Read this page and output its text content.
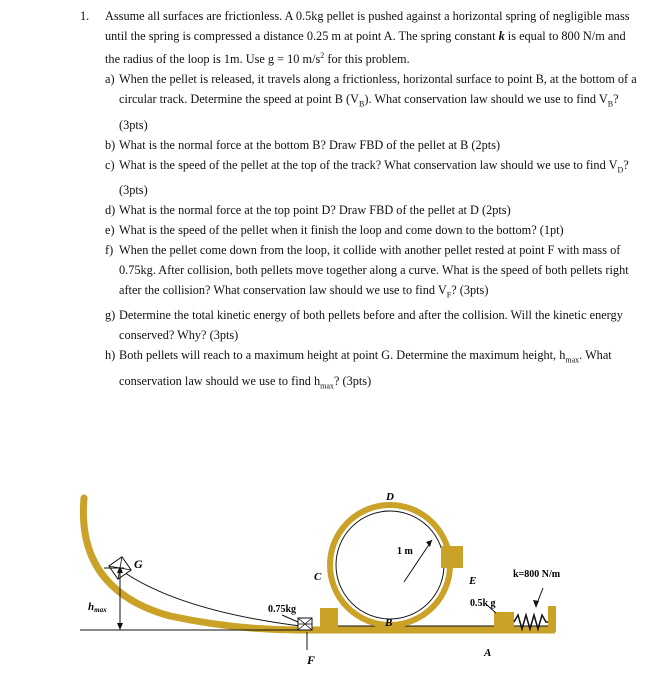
1. Assume all surfaces are frictionless. A 0.5kg pellet is pushed against a horizontal spring of negligible mass until the spring is compressed a distance 0.25 m at point A. The spring constant k is equal to 800 N/m and the radius of the loop is 1m. Use g = 10 $m/s^2$ for this problem.
a) When the pellet is released, it travels along a frictionless, horizontal surface to point B, at the bottom of a circular track. Determine the speed at point B $(V_B)$. What conservation law should we use to find $V_B$? (3pts)
b) What is the normal force at the bottom B? Draw FBD of the pellet at B (2pts)
c) What is the speed of the pellet at the top of the track? What conservation law should we use to find $V_D$? (3pts)
d) What is the normal force at the top point D? Draw FBD of the pellet at D (2pts)
e) What is the speed of the pellet when it finish the loop and come down to the bottom? (1pt)
f) When the pellet come down from the loop, it collide with another pellet rested at point F with mass of 0.75kg. After collision, both pellets move together along a curve. What is the speed of both pellets right after the collision? What conservation law should we use to find $V_F$? (3pts)
g) Determine the total kinetic energy of both pellets before and after the collision. Will the kinetic energy conserved? Why? (3pts)
h) Both pellets will reach to a maximum height at point G. Determine the maximum height, $h_{max}$. What conservation law should we use to find $h_{max}$? (3pts)
D
1 m
C	E
k=800 N/m
0.5k g
0.75kg
B
A
F
G
hmax
